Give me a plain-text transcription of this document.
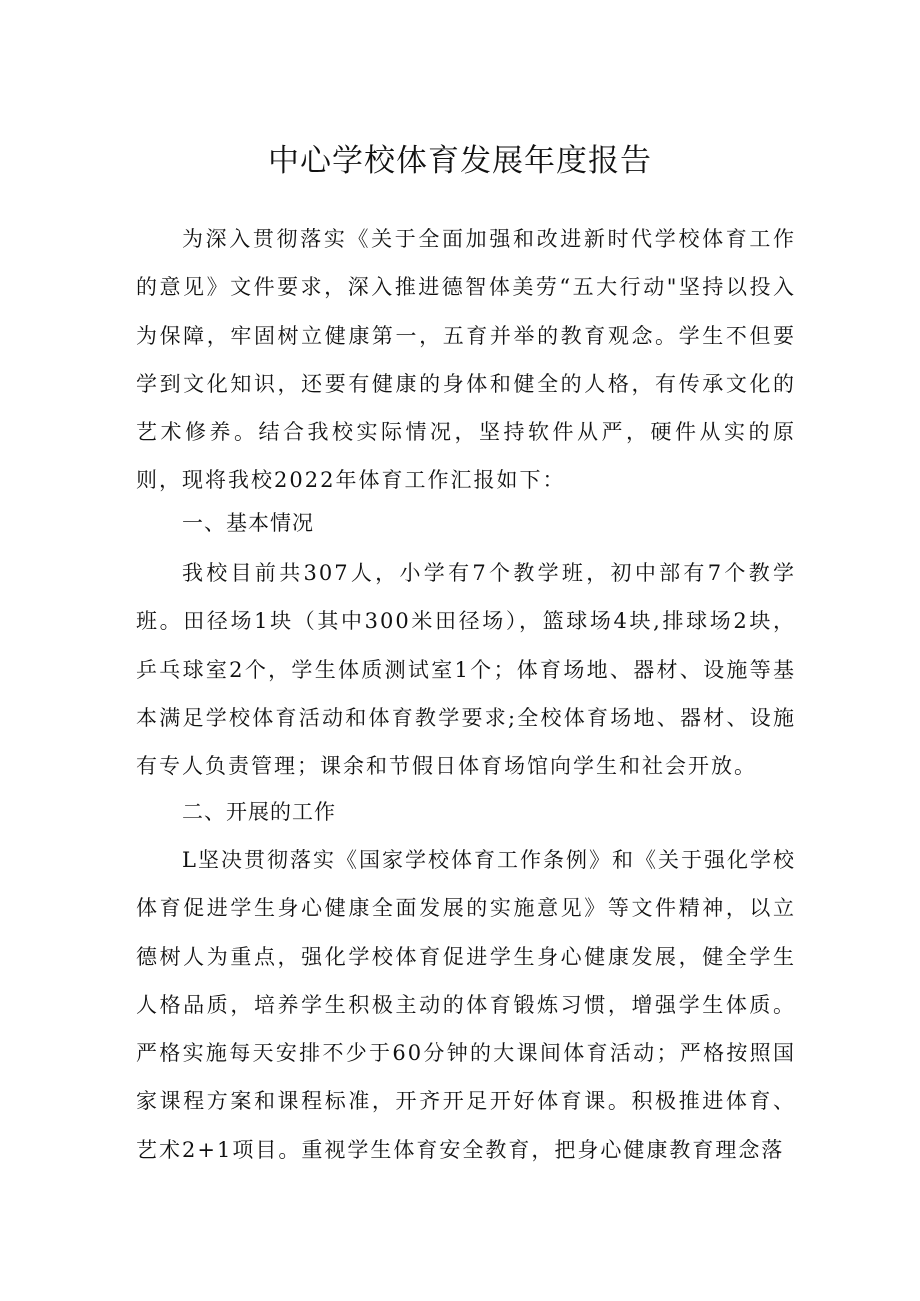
中心学校体育发展年度报告

为深入贯彻落实《关于全面加强和改进新时代学校体育工作的意见》文件要求，深入推进德智体美劳“五大行动"坚持以投入为保障，牢固树立健康第一，五育并举的教育观念。学生不但要学到文化知识，还要有健康的身体和健全的人格，有传承文化的艺术修养。结合我校实际情况，坚持软件从严，硬件从实的原则，现将我校2022年体育工作汇报如下：

一、基本情况

我校目前共307人，小学有7个教学班，初中部有7个教学班。田径场1块（其中300米田径场），篮球场4块,排球场2块，乒乓球室2个，学生体质测试室1个；体育场地、器材、设施等基本满足学校体育活动和体育教学要求;全校体育场地、器材、设施有专人负责管理；课余和节假日体育场馆向学生和社会开放。

二、开展的工作

L坚决贯彻落实《国家学校体育工作条例》和《关于强化学校体育促进学生身心健康全面发展的实施意见》等文件精神，以立德树人为重点，强化学校体育促进学生身心健康发展，健全学生人格品质，培养学生积极主动的体育锻炼习惯，增强学生体质。严格实施每天安排不少于60分钟的大课间体育活动；严格按照国家课程方案和课程标准，开齐开足开好体育课。积极推进体育、艺术2+1项目。重视学生体育安全教育，把身心健康教育理念落
